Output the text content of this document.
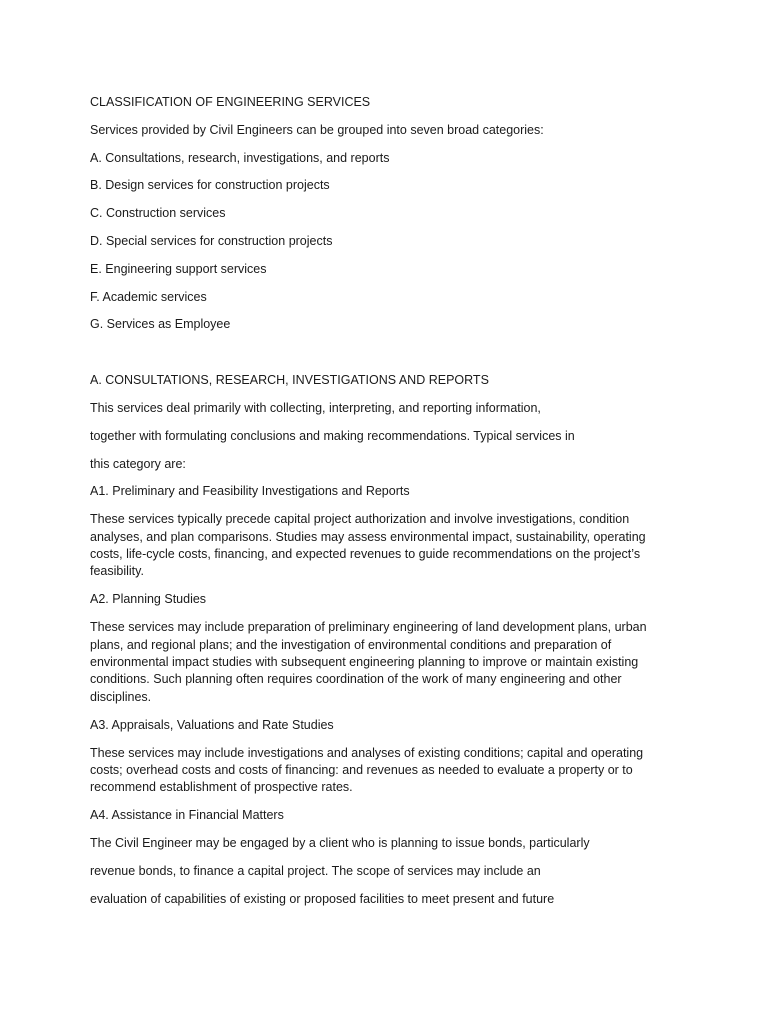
CLASSIFICATION OF ENGINEERING SERVICES
Services provided by Civil Engineers can be grouped into seven broad categories:
A. Consultations, research, investigations, and reports
B. Design services for construction projects
C. Construction services
D. Special services for construction projects
E. Engineering support services
F. Academic services
G. Services as Employee
A. CONSULTATIONS, RESEARCH, INVESTIGATIONS AND REPORTS
This services deal primarily with collecting, interpreting, and reporting information,
together with formulating conclusions and making recommendations. Typical services in
this category are:
A1. Preliminary and Feasibility Investigations and Reports
These services typically precede capital project authorization and involve investigations, condition analyses, and plan comparisons. Studies may assess environmental impact, sustainability, operating costs, life-cycle costs, financing, and expected revenues to guide recommendations on the project’s feasibility.
A2. Planning Studies
These services may include preparation of preliminary engineering of land development plans, urban plans, and regional plans; and the investigation of environmental conditions and preparation of environmental impact studies with subsequent engineering planning to improve or maintain existing conditions. Such planning often requires coordination of the work of many engineering and other disciplines.
A3. Appraisals, Valuations and Rate Studies
These services may include investigations and analyses of existing conditions; capital and operating costs; overhead costs and costs of financing: and revenues as needed to evaluate a property or to recommend establishment of prospective rates.
A4. Assistance in Financial Matters
The Civil Engineer may be engaged by a client who is planning to issue bonds, particularly
revenue bonds, to finance a capital project. The scope of services may include an
evaluation of capabilities of existing or proposed facilities to meet present and future
